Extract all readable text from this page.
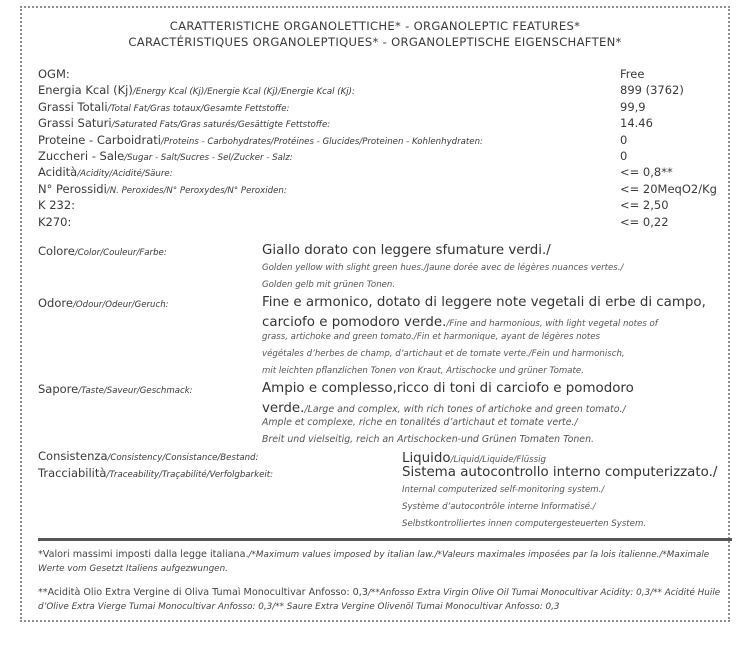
CARATTERISTICHE ORGANOLETTICHE* - ORGANOLEPTIC FEATURES*
CARACTÉRISTIQUES ORGANOLEPTIQUES* - ORGANOLEPTISCHE EIGENSCHAFTEN*
OGM:	Free
Energia Kcal (Kj)/Energy Kcal (Kj)/Energie Kcal (Kj)/Energie Kcal (Kj):	899 (3762)
Grassi Totali/Total Fat/Gras totaux/Gesamte Fettstoffe:	99,9
Grassi Saturi/Saturated Fats/Gras saturés/Gesättigte Fettstoffe:	14.46
Proteine - Carboidrati/Proteins - Carbohydrates/Protéines - Glucides/Proteinen - Kohlenhydraten:	0
Zuccheri - Sale/Sugar - Salt/Sucres - Sel/Zucker - Salz:	0
Acidità/Acidity/Acidité/Säure:	<= 0,8**
N° Perossidi/N. Peroxides/N° Peroxydes/N° Peroxiden:	<= 20MeqO2/Kg
K 232:	<= 2,50
K270:	<= 0,22
Colore/Color/Couleur/Farbe:	Giallo dorato con leggere sfumature verdi./
Golden yellow with slight green hues./Jaune dorée avec de légères nuances vertes./
Golden gelb mit grünen Tonen.
Odore/Odour/Odeur/Geruch:	Fine e armonico, dotato di leggere note vegetali di erbe di campo,
carciofo e pomodoro verde./Fine and harmonious, with light vegetal notes of
grass, artichoke and green tomato./Fin et harmonique, ayant de légères notes
végétales d’herbes de champ, d’artichaut et de tomate verte./Fein und harmonisch,
mit leichten pflanzlichen Tonen von Kraut, Artischocke und grüner Tomate.
Sapore/Taste/Saveur/Geschmack:	Ampio e complesso,ricco di toni di carciofo e pomodoro
verde./Large and complex, with rich tones of artichoke and green tomato./
Ample et complexe, riche en tonalités d’artichaut et tomate verte./
Breit und vielseitig, reich an Artischocken-und Grünen Tomaten Tonen.
Consistenza/Consistency/Consistance/Bestand:	Liquido/Liquid/Liquide/Flüssig
Tracciabilità/Traceability/Traçabilité/Verfolgbarkeit:	Sistema autocontrollo interno computerizzato./
Internal computerized self-monitoring system./
Système d’autocontrôle interne Informatisé./
Selbstkontrolliertes innen computergesteuerten System.
*Valori massimi imposti dalla legge italiana./*Maximum values imposed by italian law./*Valeurs maximales imposées par la lois italienne./*Maximale Werte vom Gesetzt Italiens aufgezwungen.
**Acidità Olio Extra Vergine di Oliva Tumaì Monocultivar Anfosso: 0,3/**Anfosso Extra Virgin Olive Oil Tumai Monocultivar Acidity: 0,3/** Acidité Huile d’Olive Extra Vierge Tumai Monocultivar Anfosso: 0,3/** Saure Extra Vergine Olivenöl Tumai Monocultivar Anfosso: 0,3
